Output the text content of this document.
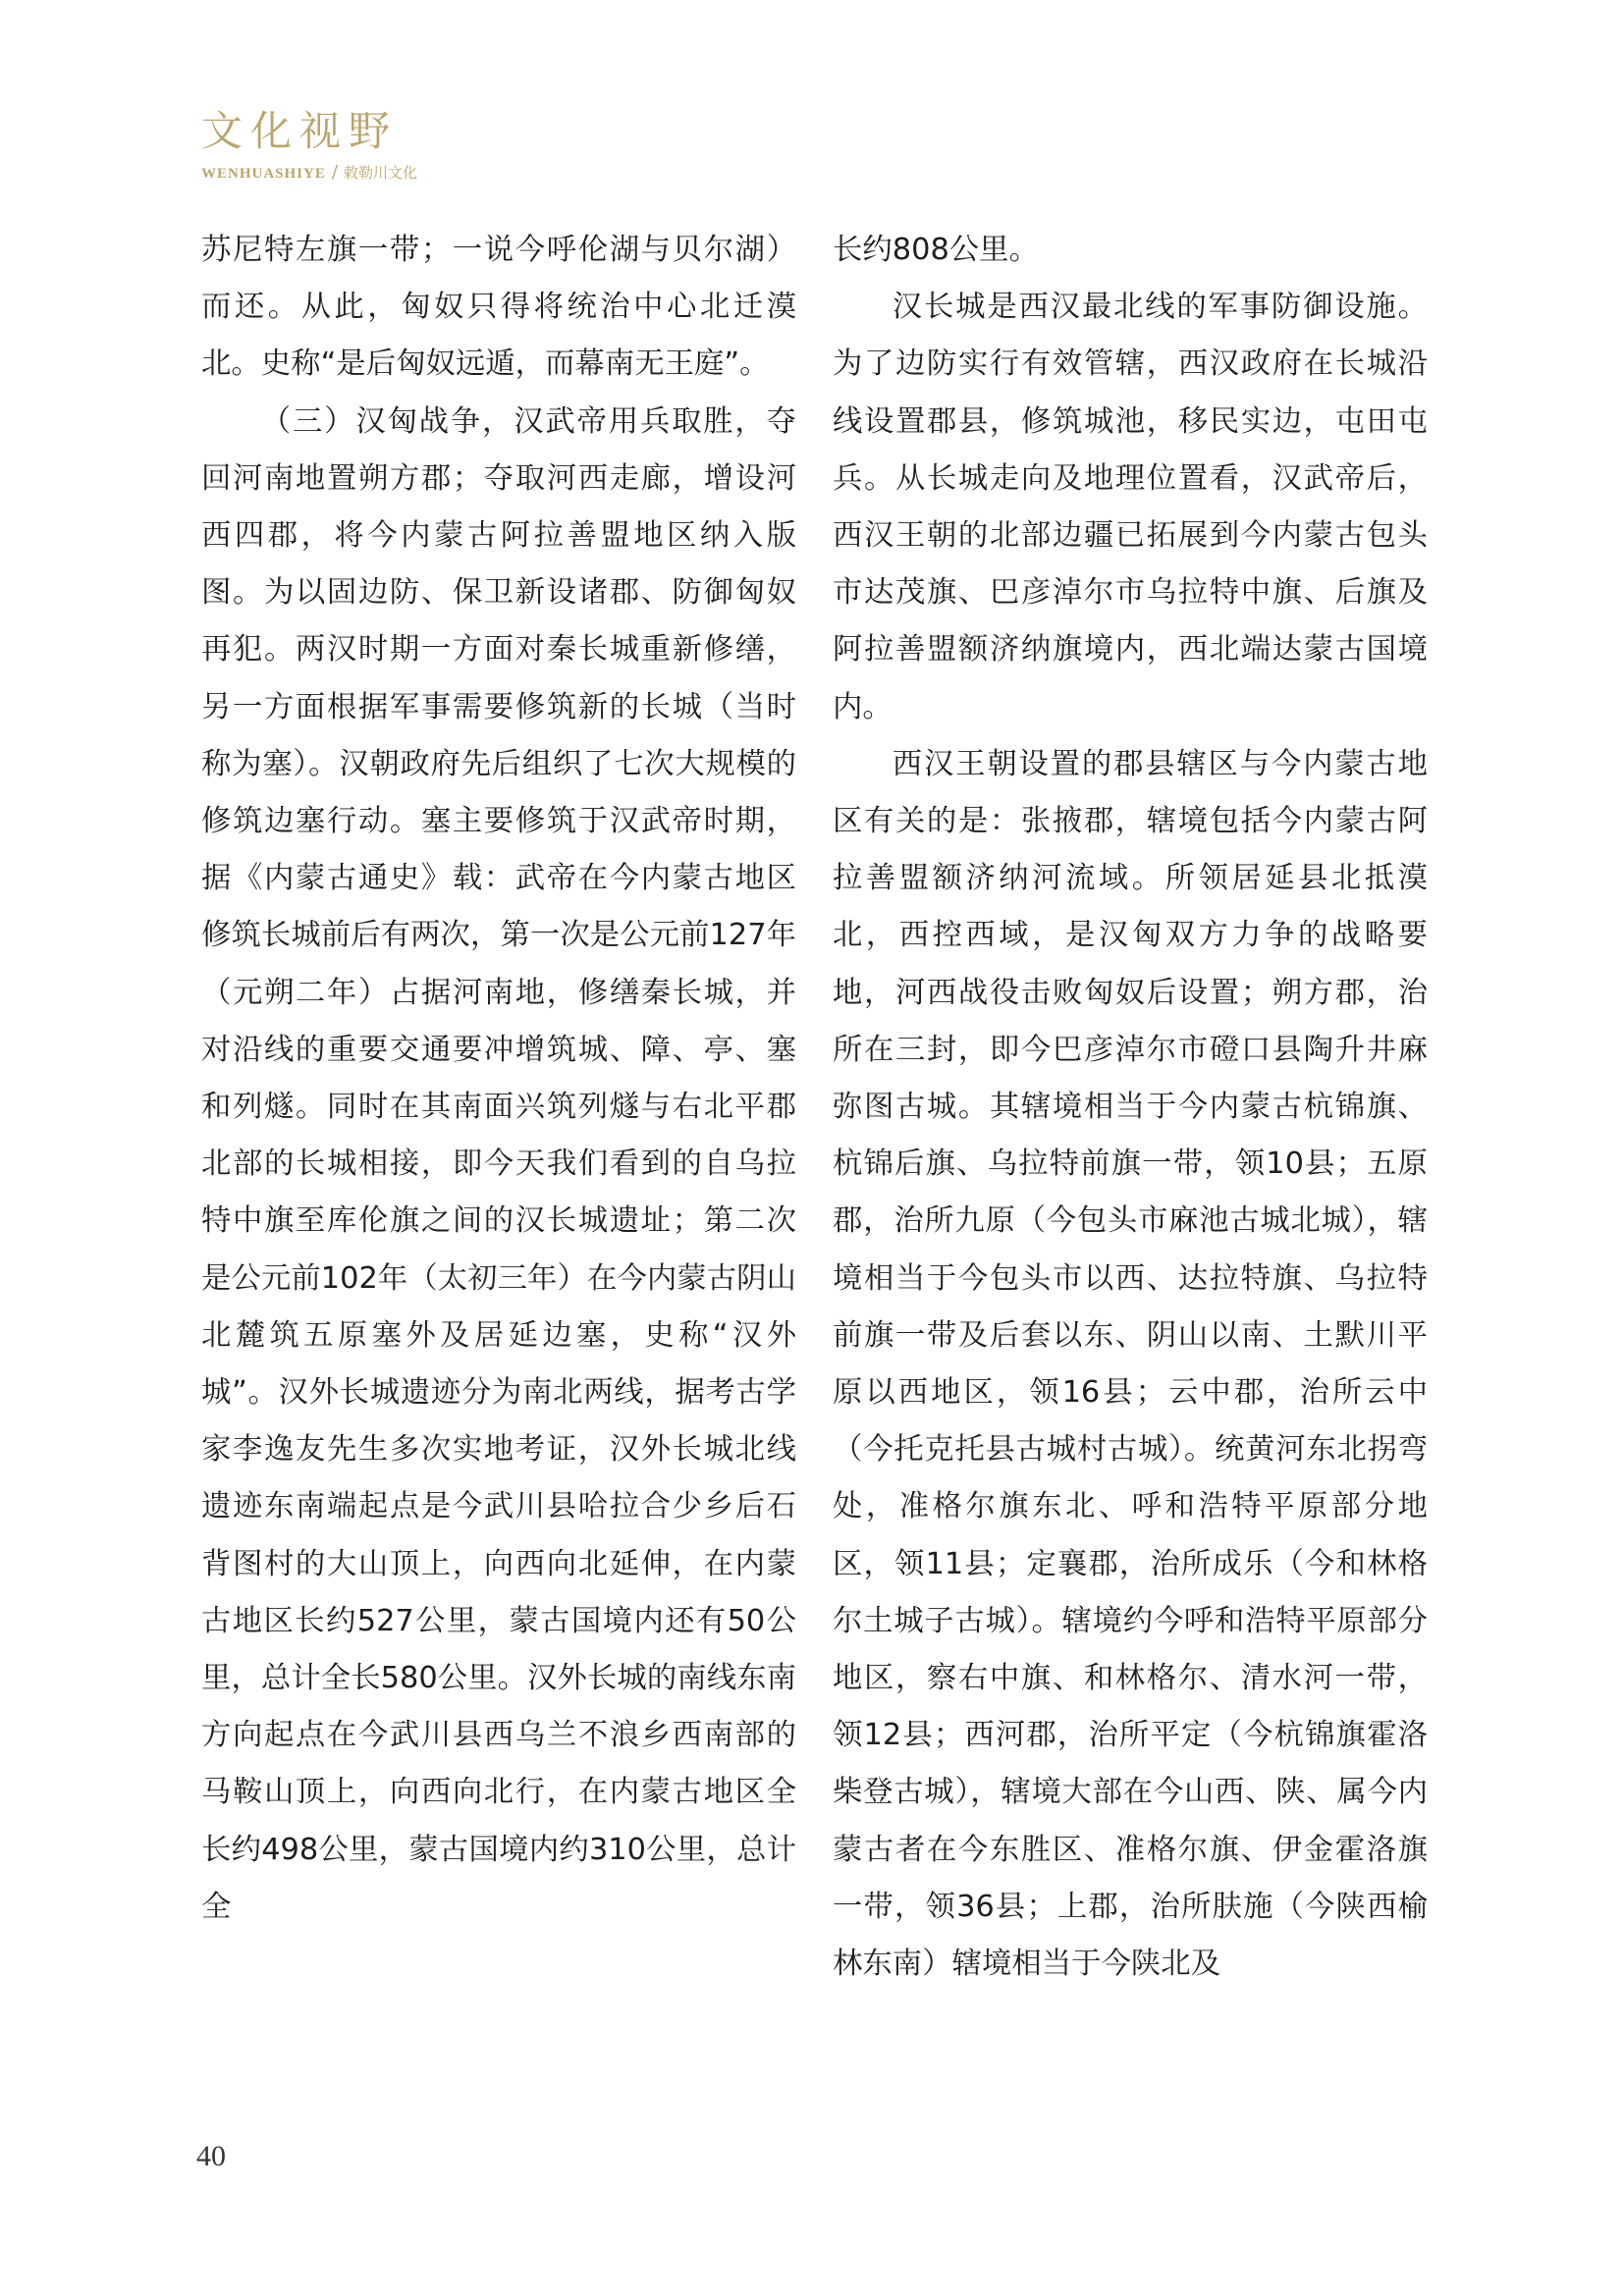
文化视野
WENHUASHIYE / 敕勒川文化

苏尼特左旗一带；一说今呼伦湖与贝尔湖）而还。从此，匈奴只得将统治中心北迁漠北。史称“是后匈奴远遁，而幕南无王庭”。

（三）汉匈战争，汉武帝用兵取胜，夺回河南地置朔方郡；夺取河西走廊，增设河西四郡，将今内蒙古阿拉善盟地区纳入版图。为以固边防、保卫新设诸郡、防御匈奴再犯。两汉时期一方面对秦长城重新修缮，另一方面根据军事需要修筑新的长城（当时称为塞）。汉朝政府先后组织了七次大规模的修筑边塞行动。塞主要修筑于汉武帝时期，据《内蒙古通史》载：武帝在今内蒙古地区修筑长城前后有两次，第一次是公元前127年（元朔二年）占据河南地，修缮秦长城，并对沿线的重要交通要冲增筑城、障、亭、塞和列燧。同时在其南面兴筑列燧与右北平郡北部的长城相接，即今天我们看到的自乌拉特中旗至库伦旗之间的汉长城遗址；第二次是公元前102年（太初三年）在今内蒙古阴山北麓筑五原塞外及居延边塞，史称“汉外城”。汉外长城遗迹分为南北两线，据考古学家李逸友先生多次实地考证，汉外长城北线遗迹东南端起点是今武川县哈拉合少乡后石背图村的大山顶上，向西向北延伸，在内蒙古地区长约527公里，蒙古国境内还有50公里，总计全长580公里。汉外长城的南线东南方向起点在今武川县西乌兰不浪乡西南部的马鞍山顶上，向西向北行，在内蒙古地区全长约498公里，蒙古国境内约310公里，总计全

长约808公里。

汉长城是西汉最北线的军事防御设施。为了边防实行有效管辖，西汉政府在长城沿线设置郡县，修筑城池，移民实边，屯田屯兵。从长城走向及地理位置看，汉武帝后，西汉王朝的北部边疆已拓展到今内蒙古包头市达茂旗、巴彦淖尔市乌拉特中旗、后旗及阿拉善盟额济纳旗境内，西北端达蒙古国境内。

西汉王朝设置的郡县辖区与今内蒙古地区有关的是：张掖郡，辖境包括今内蒙古阿拉善盟额济纳河流域。所领居延县北抵漠北，西控西域，是汉匈双方力争的战略要地，河西战役击败匈奴后设置；朔方郡，治所在三封，即今巴彦淖尔市磴口县陶升井麻弥图古城。其辖境相当于今内蒙古杭锦旗、杭锦后旗、乌拉特前旗一带，领10县；五原郡，治所九原（今包头市麻池古城北城），辖境相当于今包头市以西、达拉特旗、乌拉特前旗一带及后套以东、阴山以南、土默川平原以西地区，领16县；云中郡，治所云中（今托克托县古城村古城）。统黄河东北拐弯处，准格尔旗东北、呼和浩特平原部分地区，领11县；定襄郡，治所成乐（今和林格尔土城子古城）。辖境约今呼和浩特平原部分地区，察右中旗、和林格尔、清水河一带，领12县；西河郡，治所平定（今杭锦旗霍洛柴登古城），辖境大部在今山西、陕、属今内蒙古者在今东胜区、准格尔旗、伊金霍洛旗一带，领36县；上郡，治所肤施（今陕西榆林东南）辖境相当于今陕北及

40
